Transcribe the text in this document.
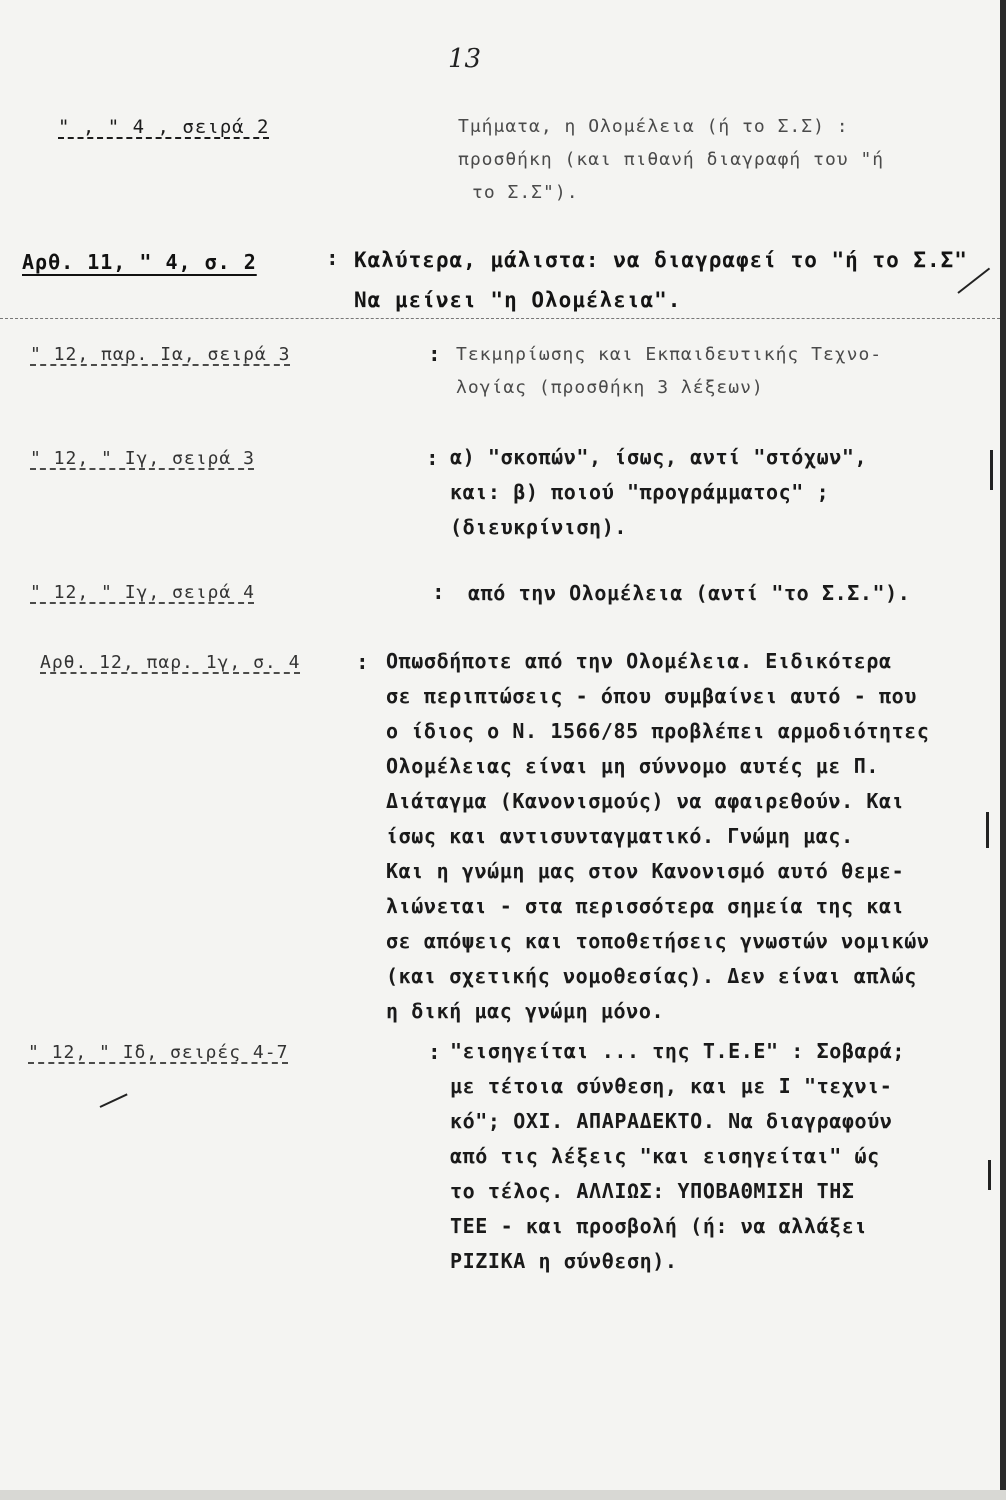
13
" , " 4 , σειρά 2	Τμήματα, η Ολομέλεια (ή το Σ.Σ) :
προσθήκη (και πιθανή διαγραφή του "ή
το Σ.Σ").
Αρθ. 11, " 4, σ. 2	: Καλύτερα, μάλιστα: να διαγραφεί το "ή το Σ.Σ"
Να μείνει "η Ολομέλεια".
" 12, παρ. Ια, σειρά 3	: Τεκμηρίωσης και Εκπαιδευτικής Τεχνο-
λογίας (προσθήκη 3 λέξεων)
" 12, " Ιγ, σειρά 3	: α) "σκοπών", ίσως, αντί "στόχων",
και: β) ποιού "προγράμματος" ;
(διευκρίνιση).
" 12, " Ιγ, σειρά 4	: από την Ολομέλεια (αντί "το Σ.Σ.").
Αρθ. 12, παρ. 1γ, σ. 4	: Οπωσδήποτε από την Ολομέλεια. Ειδικότερα
σε περιπτώσεις - όπου συμβαίνει αυτό - που
ο ίδιος ο Ν. 1566/85 προβλέπει αρμοδιότητες
Ολομέλειας είναι μη σύννομο αυτές με Π.
Διάταγμα (Κανονισμούς) να αφαιρεθούν. Και
ίσως και αντισυνταγματικό. Γνώμη μας.
Και η γνώμη μας στον Κανονισμό αυτό θεμε-
λιώνεται - στα περισσότερα σημεία της και
σε απόψεις και τοποθετήσεις γνωστών νομικών
(και σχετικής νομοθεσίας). Δεν είναι απλώς
η δική μας γνώμη μόνο.
" 12, " Ιδ, σειρές 4-7	: "εισηγείται ... της Τ.Ε.Ε" : Σοβαρά;
με τέτοια σύνθεση, και με Ι "τεχνι-
κό"; ΟΧΙ. ΑΠΑΡΑΔΕΚΤΟ. Να διαγραφούν
από τις λέξεις "και εισηγείται" ώς
το τέλος. ΑΛΛΙΩΣ: ΥΠΟΒΑΘΜΙΣΗ ΤΗΣ
ΤΕΕ - και προσβολή (ή: να αλλάξει
ΡΙΖΙΚΑ η σύνθεση).
